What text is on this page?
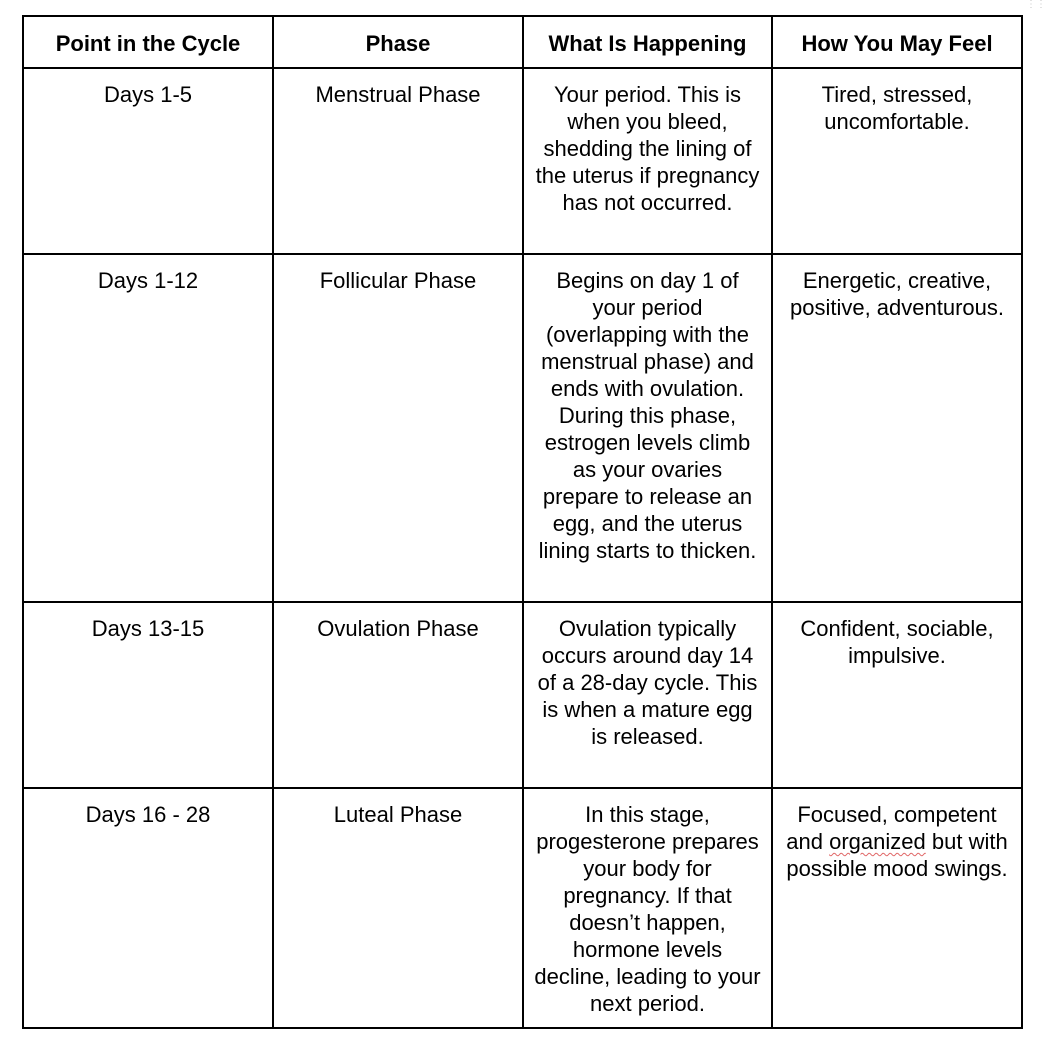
⋮⋮
Point in the Cycle	Phase	What Is Happening	How You May Feel
Days 1-5	Menstrual Phase	Your period. This is when you bleed, shedding the lining of the uterus if pregnancy has not occurred.	Tired, stressed, uncomfortable.
Days 1-12	Follicular Phase	Begins on day 1 of your period (overlapping with the menstrual phase) and ends with ovulation. During this phase, estrogen levels climb as your ovaries prepare to release an egg, and the uterus lining starts to thicken.	Energetic, creative, positive, adventurous.
Days 13-15	Ovulation Phase	Ovulation typically occurs around day 14 of a 28-day cycle. This is when a mature egg is released.	Confident, sociable, impulsive.
Days 16 - 28	Luteal Phase	In this stage, progesterone prepares your body for pregnancy. If that doesn’t happen, hormone levels decline, leading to your next period.	Focused, competent and organized but with possible mood swings.
